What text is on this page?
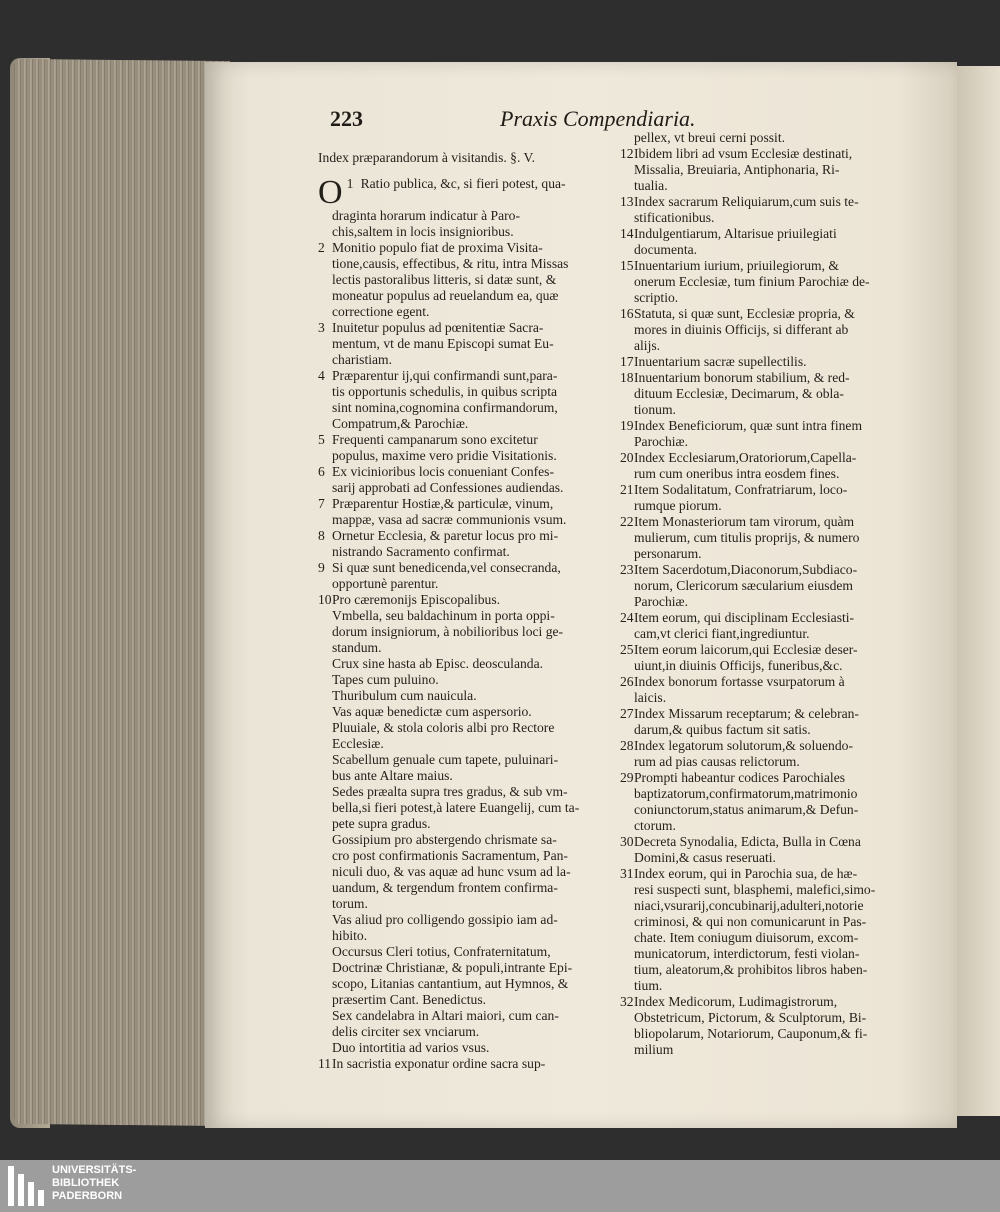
223	Praxis Compendiaria.
Index præparandorum à visitandis. §. V.
1
O Ratio publica, &c, si fieri potest, qua-
draginta horarum indicatur à Paro-
chis,saltem in locis insignioribus.
2 Monitio populo fiat de proxima Visita-
tione,causis, effectibus, & ritu, intra Missas
lectis pastoralibus litteris, si datæ sunt, &
moneatur populus ad reuelandum ea, quæ
correctione egent.
3 Inuitetur populus ad pœnitentiæ Sacra-
mentum, vt de manu Episcopi sumat Eu-
charistiam.
4 Præparentur ij,qui confirmandi sunt,para-
tis opportunis schedulis, in quibus scripta
sint nomina,cognomina confirmandorum,
Compatrum,& Parochiæ.
5 Frequenti campanarum sono excitetur
populus, maxime vero pridie Visitationis.
6 Ex vicinioribus locis conueniant Confes-
sarij approbati ad Confessiones audiendas.
7 Præparentur Hostiæ,& particulæ, vinum,
mappæ, vasa ad sacræ communionis vsum.
8 Ornetur Ecclesia, & paretur locus pro mi-
nistrando Sacramento confirmat.
9 Si quæ sunt benedicenda,vel consecranda,
opportunè parentur.
10Pro cæremonijs Episcopalibus.
Vmbella, seu baldachinum in porta oppi-
dorum insigniorum, à nobilioribus loci ge-
standum.
Crux sine hasta ab Episc. deosculanda.
Tapes cum puluino.
Thuribulum cum nauicula.
Vas aquæ benedictæ cum aspersorio.
Pluuiale, & stola coloris albi pro Rectore
Ecclesiæ.
Scabellum genuale cum tapete, puluinari-
bus ante Altare maius.
Sedes præalta supra tres gradus, & sub vm-
bella,si fieri potest,à latere Euangelij, cum ta-
pete supra gradus.
Gossipium pro abstergendo chrismate sa-
cro post confirmationis Sacramentum, Pan-
niculi duo, & vas aquæ ad hunc vsum ad la-
uandum, & tergendum frontem confirma-
torum.
Vas aliud pro colligendo gossipio iam ad-
hibito.
Occursus Cleri totius, Confraternitatum,
Doctrinæ Christianæ, & populi,intrante Epi-
scopo, Litanias cantantium, aut Hymnos, &
præsertim Cant. Benedictus.
Sex candelabra in Altari maiori, cum can-
delis circiter sex vnciarum.
Duo intortitia ad varios vsus.
11In sacristia exponatur ordine sacra sup-
pellex, vt breui cerni possit.
12Ibidem libri ad vsum Ecclesiæ destinati,
Missalia, Breuiaria, Antiphonaria, Ri-
tualia.
13Index sacrarum Reliquiarum,cum suis te-
stificationibus.
14Indulgentiarum, Altarisue priuilegiati
documenta.
15Inuentarium iurium, priuilegiorum, &
onerum Ecclesiæ, tum finium Parochiæ de-
scriptio.
16Statuta, si quæ sunt, Ecclesiæ propria, &
mores in diuinis Officijs, si differant ab
alijs.
17Inuentarium sacræ supellectilis.
18Inuentarium bonorum stabilium, & red-
dituum Ecclesiæ, Decimarum, & obla-
tionum.
19Index Beneficiorum, quæ sunt intra finem
Parochiæ.
20Index Ecclesiarum,Oratoriorum,Capella-
rum cum oneribus intra eosdem fines.
21Item Sodalitatum, Confratriarum, loco-
rumque piorum.
22Item Monasteriorum tam virorum, quàm
mulierum, cum titulis proprijs, & numero
personarum.
23Item Sacerdotum,Diaconorum,Subdiaco-
norum, Clericorum sæcularium eiusdem
Parochiæ.
24Item eorum, qui disciplinam Ecclesiasti-
cam,vt clerici fiant,ingrediuntur.
25Item eorum laicorum,qui Ecclesiæ deser-
uiunt,in diuinis Officijs, funeribus,&c.
26Index bonorum fortasse vsurpatorum à
laicis.
27Index Missarum receptarum; & celebran-
darum,& quibus factum sit satis.
28Index legatorum solutorum,& soluendo-
rum ad pias causas relictorum.
29Prompti habeantur codices Parochiales
baptizatorum,confirmatorum,matrimonio
coniunctorum,status animarum,& Defun-
ctorum.
30Decreta Synodalia, Edicta, Bulla in Cœna
Domini,& casus reseruati.
31Index eorum, qui in Parochia sua, de hæ-
resi suspecti sunt, blasphemi, malefici,simo-
niaci,vsurarij,concubinarij,adulteri,notorie
criminosi, & qui non comunicarunt in Pas-
chate. Item coniugum diuisorum, excom-
municatorum, interdictorum, festi violan-
tium, aleatorum,& prohibitos libros haben-
tium.
32Index Medicorum, Ludimagistrorum,
Obstetricum, Pictorum, & Sculptorum, Bi-
bliopolarum, Notariorum, Cauponum,& fi-
milium
UNIVERSITÄTS-
BIBLIOTHEK
PADERBORN
